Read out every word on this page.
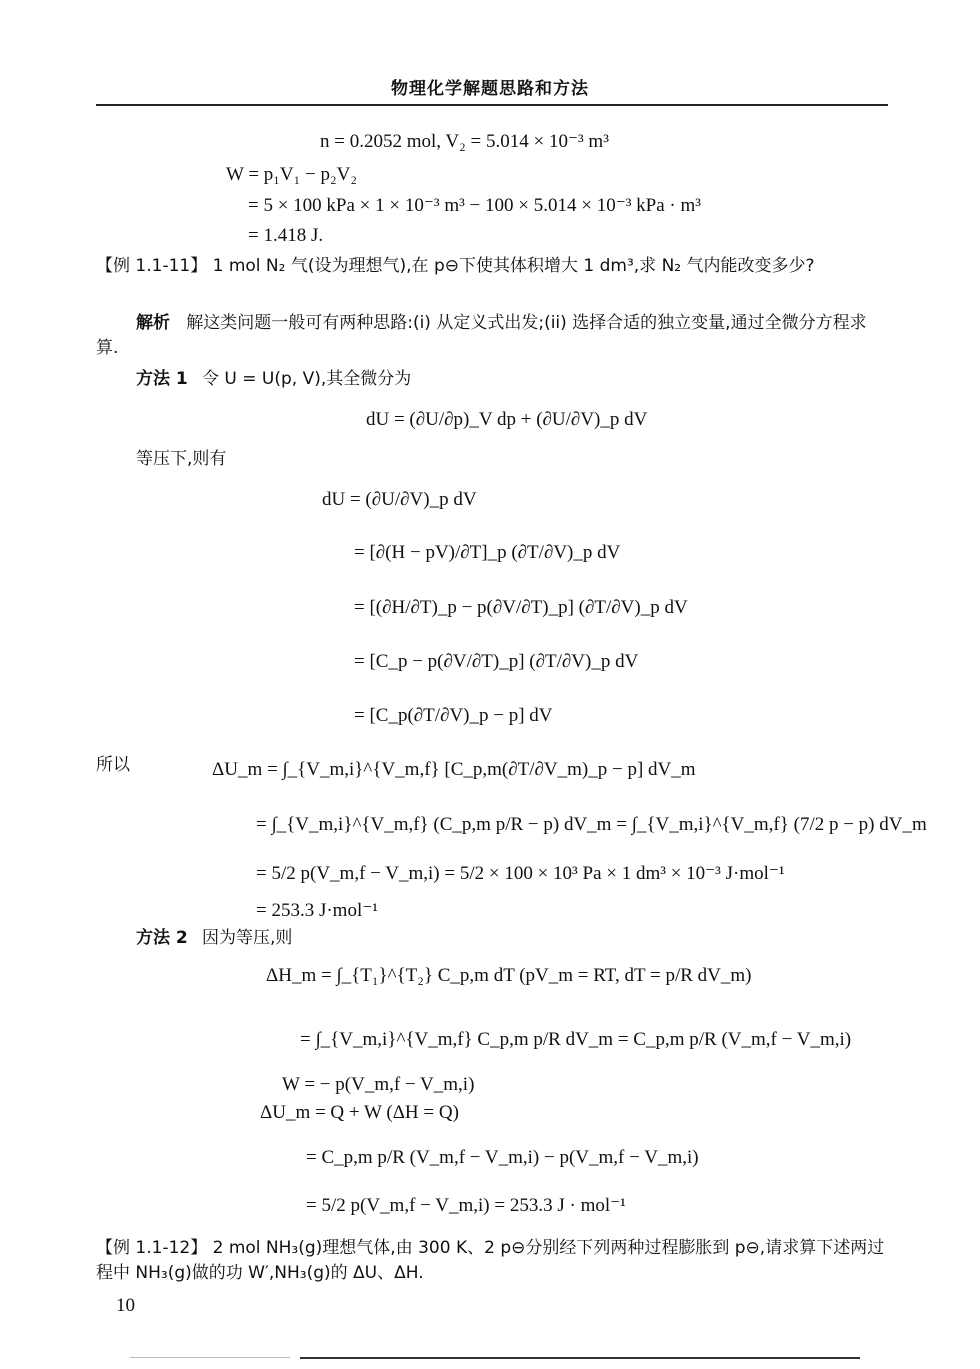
物理化学解题思路和方法
n = 0.2052 mol, V₂ = 5.014 × 10⁻³ m³
W = p₁V₁ − p₂V₂
= 5 × 100 kPa × 1 × 10⁻³ m³ − 100 × 5.014 × 10⁻³ kPa · m³
= 1.418 J.
【例 1.1-11】 1 mol N₂ 气(设为理想气),在 p⊖下使其体积增大 1 dm³,求 N₂ 气内能改变多少?
解析 解这类问题一般可有两种思路:(i) 从定义式出发;(ii) 选择合适的独立变量,通过全微分方程求算.
方法 1 令 U = U(p, V),其全微分为
dU = (∂U/∂p)_V dp + (∂U/∂V)_p dV
等压下,则有
dU = (∂U/∂V)_p dV
= [∂(H − pV)/∂T]_p (∂T/∂V)_p dV
= [(∂H/∂T)_p − p(∂V/∂T)_p] (∂T/∂V)_p dV
= [C_p − p(∂V/∂T)_p] (∂T/∂V)_p dV
= [C_p(∂T/∂V)_p − p] dV
所以	ΔU_m = ∫_{V_m,i}^{V_m,f} [C_p,m(∂T/∂V_m)_p − p] dV_m
= ∫_{V_m,i}^{V_m,f} (C_p,m p/R − p) dV_m = ∫_{V_m,i}^{V_m,f} (7/2 p − p) dV_m
= 5/2 p(V_m,f − V_m,i) = 5/2 × 100 × 10³ Pa × 1 dm³ × 10⁻³ J·mol⁻¹
= 253.3 J·mol⁻¹
方法 2 因为等压,则
ΔH_m = ∫_{T₁}^{T₂} C_p,m dT (pV_m = RT, dT = p/R dV_m)
= ∫_{V_m,i}^{V_m,f} C_p,m p/R dV_m = C_p,m p/R (V_m,f − V_m,i)
W = − p(V_m,f − V_m,i)
ΔU_m = Q + W (ΔH = Q)
= C_p,m p/R (V_m,f − V_m,i) − p(V_m,f − V_m,i)
= 5/2 p(V_m,f − V_m,i) = 253.3 J · mol⁻¹
【例 1.1-12】 2 mol NH₃(g)理想气体,由 300 K、2 p⊖分别经下列两种过程膨胀到 p⊖,请求算下述两过程中 NH₃(g)做的功 W′,NH₃(g)的 ΔU、ΔH.
10
